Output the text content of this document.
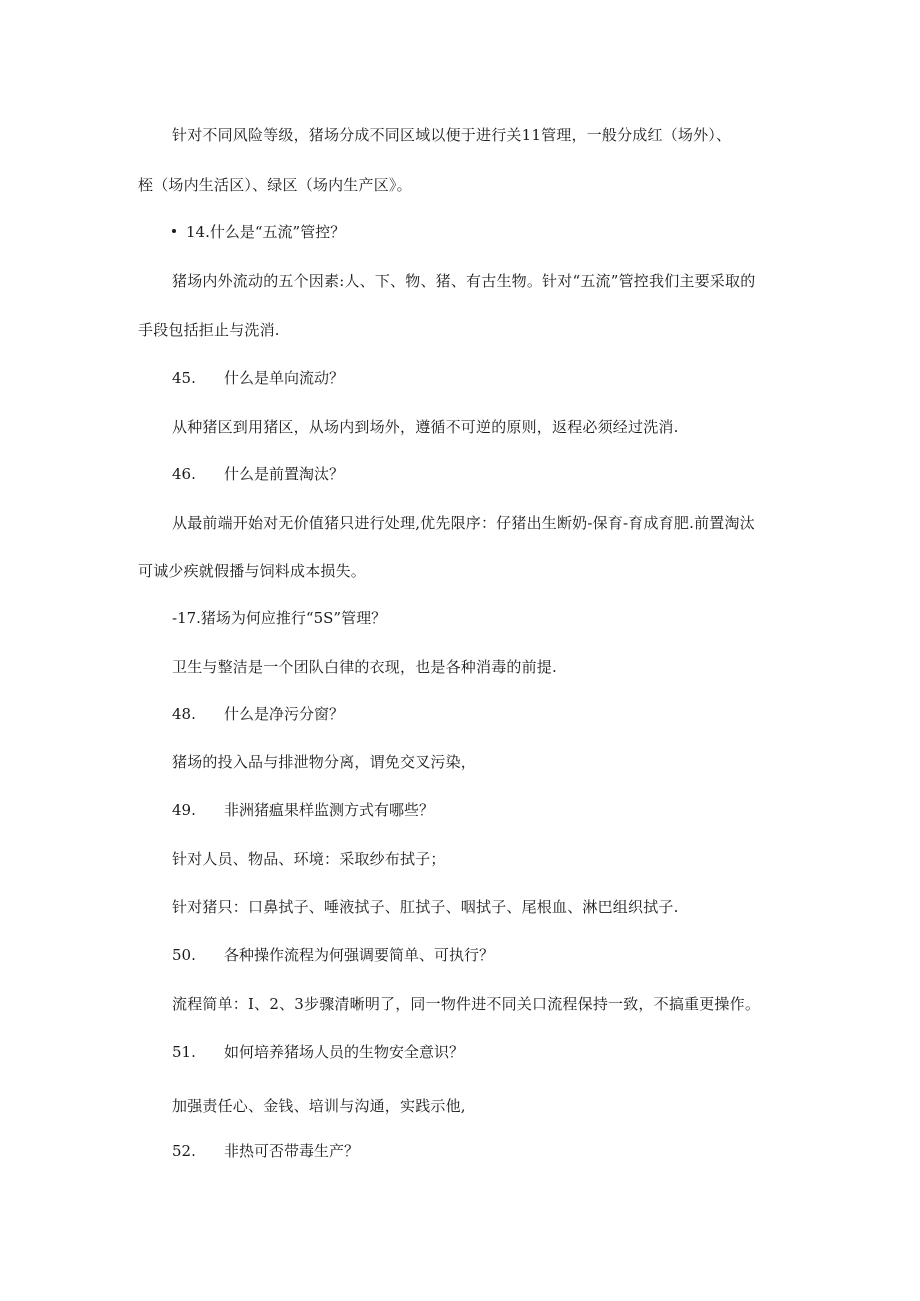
针对不同风险等级，猪场分成不同区域以便于进行关11管理，一般分成红（场外）、
桎（场内生活区）、绿区（场内生产区》。
14.什么是“五流”管控？
猪场内外流动的五个因素:人、下、物、猪、有古生物。针对“五流”管控我们主要采取的
手段包括拒止与洗消.
45. 什么是单向流动？
从种猪区到用猪区，从场内到场外，遵循不可逆的原则，返程必须经过洗消.
46. 什么是前置淘汰？
从最前端开始对无价值猪只进行处理,优先限序：仔猪出生断奶-保育-育成育肥.前置淘汰
可诚少疾就假播与饲料成本损失。
-17.猪场为何应推行“5S”管理？
卫生与整洁是一个团队白律的衣现，也是各种消毒的前提.
48. 什么是净污分窗？
猪场的投入品与排泄物分离，谓免交叉污染，
49. 非洲猪瘟果样监测方式有哪些？
针对人员、物品、环境：采取纱布拭子；
针对猪只：口鼻拭子、唾液拭子、肛拭子、咽拭子、尾根血、淋巴组织拭子.
50. 各种操作流程为何强调要简单、可执行？
流程简单：I、2、3步骤清晰明了，同一物件进不同关口流程保持一致，不搞重更操作。
51. 如何培养猪场人员的生物安全意识？
加强责任心、金钱、培训与沟通，实践示他,
52. 非热可否带毒生产？
